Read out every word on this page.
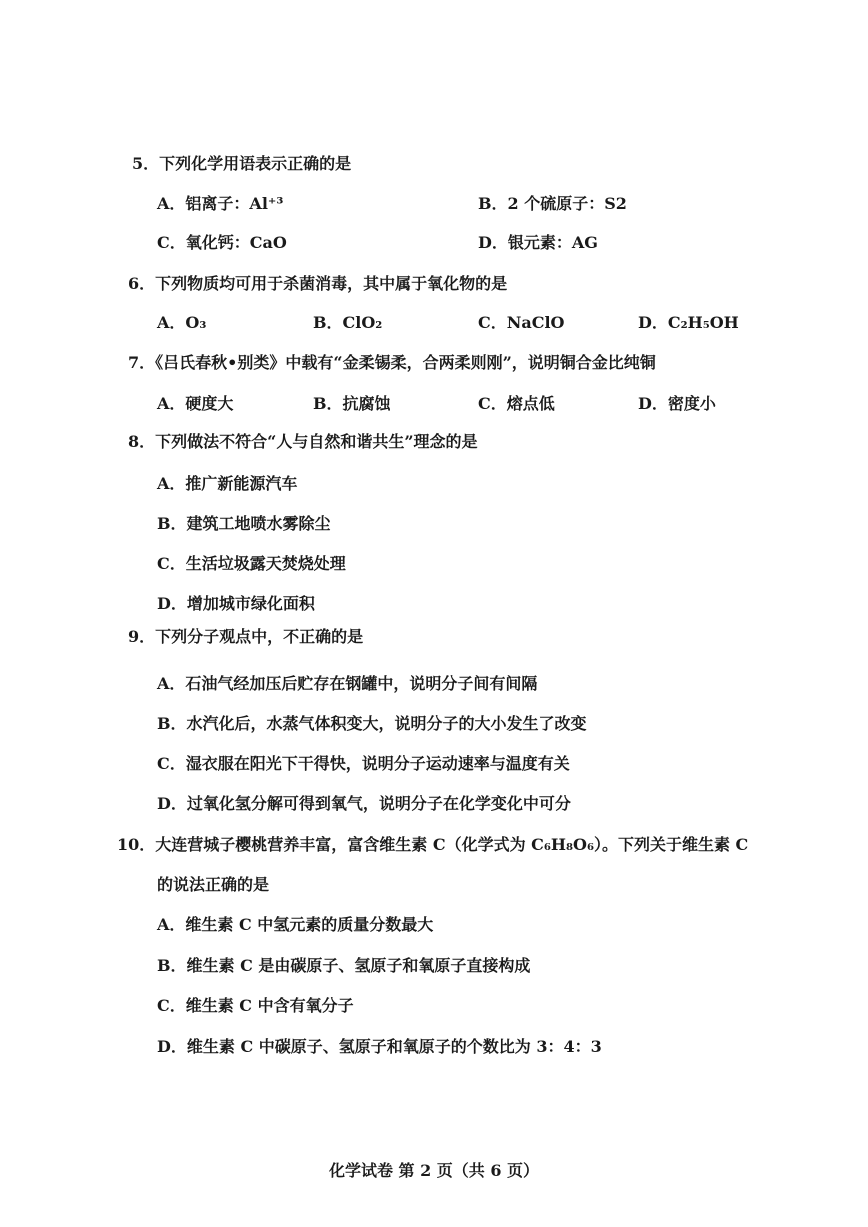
5．下列化学用语表示正确的是
A．铝离子：Al⁺³	B．2 个硫原子：S2
C．氧化钙：CaO	D．银元素：AG
6．下列物质均可用于杀菌消毒，其中属于氧化物的是
A．O₃	B．ClO₂	C．NaClO	D．C₂H₅OH
7．《吕氏春秋•别类》中载有“金柔锡柔，合两柔则刚”，说明铜合金比纯铜
A．硬度大	B．抗腐蚀	C．熔点低	D．密度小
8．下列做法不符合“人与自然和谐共生”理念的是
A．推广新能源汽车
B．建筑工地喷水雾除尘
C．生活垃圾露天焚烧处理
D．增加城市绿化面积
9．下列分子观点中，不正确的是
A．石油气经加压后贮存在钢罐中，说明分子间有间隔
B．水汽化后，水蒸气体积变大，说明分子的大小发生了改变
C．湿衣服在阳光下干得快，说明分子运动速率与温度有关
D．过氧化氢分解可得到氧气，说明分子在化学变化中可分
10．大连营城子樱桃营养丰富，富含维生素 C（化学式为 C₆H₈O₆）。下列关于维生素 C
的说法正确的是
A．维生素 C 中氢元素的质量分数最大
B．维生素 C 是由碳原子、氢原子和氧原子直接构成
C．维生素 C 中含有氧分子
D．维生素 C 中碳原子、氢原子和氧原子的个数比为 3：4：3
化学试卷 第 2 页（共 6 页）
